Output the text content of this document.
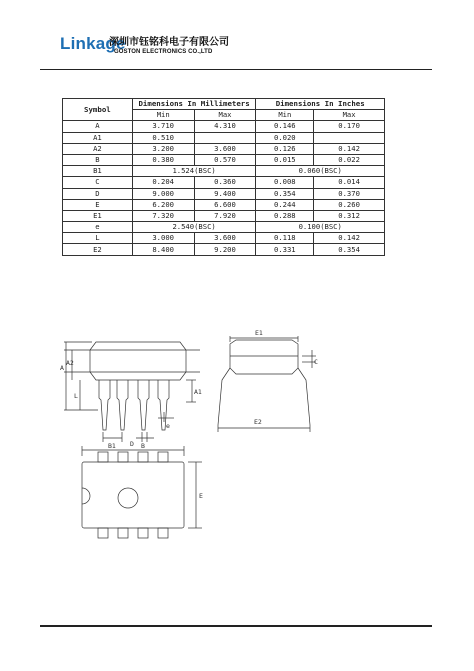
Linkage
深圳市钰铭科电子有限公司
GOSTON ELECTRONICS CO.,LTD
Symbol	Dimensions In Millimeters		Dimensions In Inches	
	Min	Max	Min	Max
A	3.710	4.310	0.146	0.170
A1	0.510		0.020	
A2	3.200	3.600	0.126	0.142
B	0.380	0.570	0.015	0.022
B1	1.524(BSC)		0.060(BSC)	
C	0.204	0.360	0.008	0.014
D	9.000	9.400	0.354	0.370
E	6.200	6.600	0.244	0.260
E1	7.320	7.920	0.288	0.312
e	2.540(BSC)		0.100(BSC)	
L	3.000	3.600	0.118	0.142
E2	8.400	9.200	0.331	0.354
A
A2
A1
L
B1	B
e
E1
C
E2
D
E
